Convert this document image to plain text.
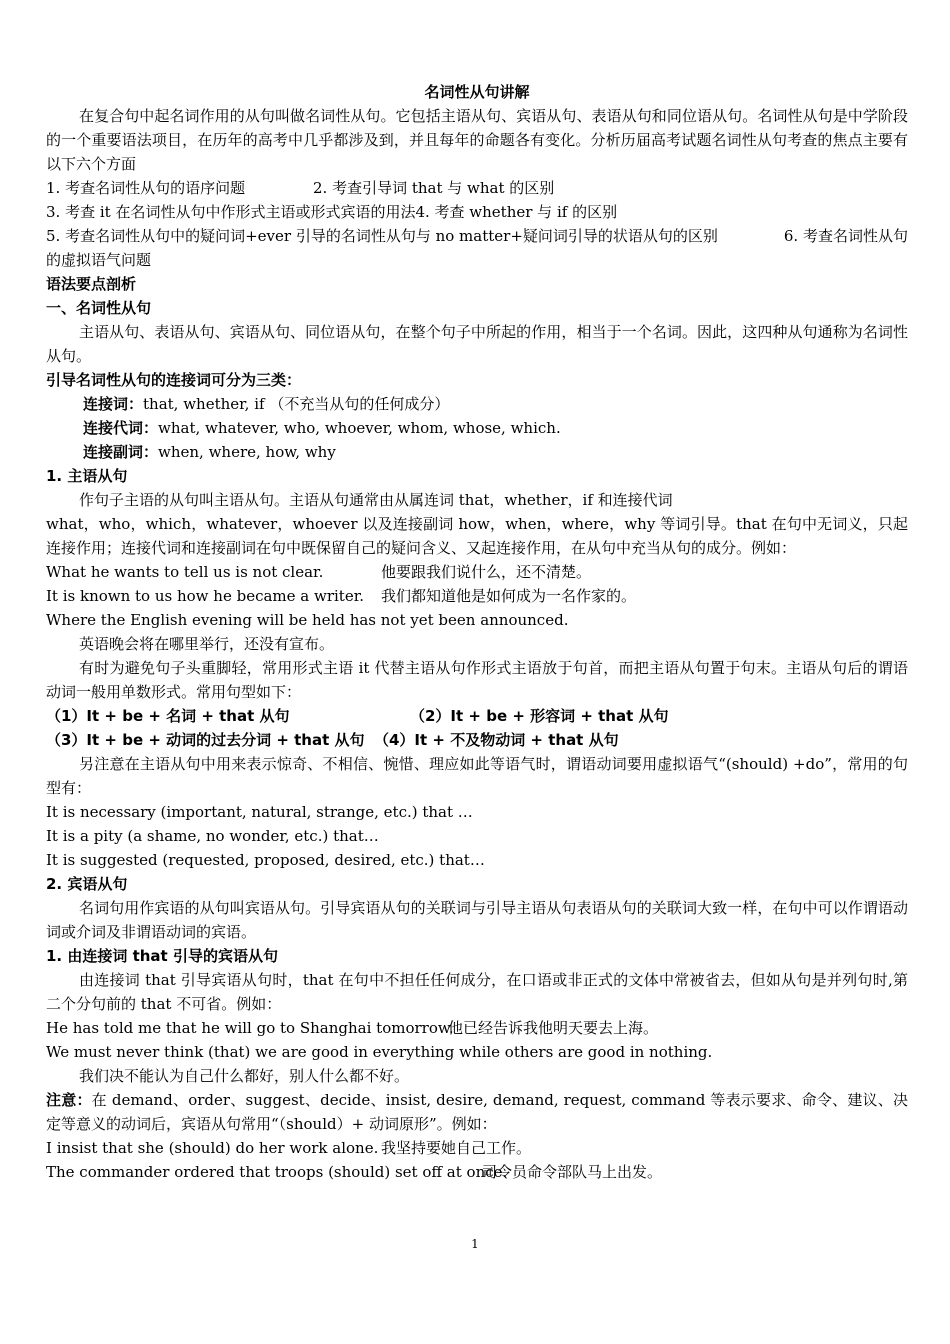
名词性从句讲解

在复合句中起名词作用的从句叫做名词性从句。它包括主语从句、宾语从句、表语从句和同位语从句。名词性从句是中学阶段的一个重要语法项目，在历年的高考中几乎都涉及到，并且每年的命题各有变化。分析历届高考试题名词性从句考查的焦点主要有以下六个方面

1. 考查名词性从句的语序问题	2. 考查引导词 that 与 what 的区别
3. 考查 it 在名词性从句中作形式主语或形式宾语的用法4. 考查 whether 与 if 的区别

5. 考查名词性从句中的疑问词+ever 引导的名词性从句与 no matter+疑问词引导的状语从句的区别	6. 考查名词性从句的虚拟语气问题

语法要点剖析

一、名词性从句

主语从句、表语从句、宾语从句、同位语从句，在整个句子中所起的作用，相当于一个名词。因此，这四种从句通称为名词性从句。

引导名词性从句的连接词可分为三类：

连接词：that, whether, if （不充当从句的任何成分）

连接代词：what, whatever, who, whoever, whom, whose, which.

连接副词：when, where, how, why

1. 主语从句

作句子主语的从句叫主语从句。主语从句通常由从属连词 that，whether，if 和连接代词

what，who，which，whatever，whoever 以及连接副词 how，when，where，why 等词引导。that 在句中无词义，只起连接作用；连接代词和连接副词在句中既保留自己的疑问含义、又起连接作用，在从句中充当从句的成分。例如：

What he wants to tell us is not clear.	他要跟我们说什么，还不清楚。
It is known to us how he became a writer. 我们都知道他是如何成为一名作家的。

Where the English evening will be held has not yet been announced.

英语晚会将在哪里举行，还没有宣布。

有时为避免句子头重脚轻，常用形式主语 it 代替主语从句作形式主语放于句首，而把主语从句置于句末。主语从句后的谓语动词一般用单数形式。常用句型如下：

（1）It + be + 名词 + that 从句	（2）It + be + 形容词 + that 从句
（3）It + be + 动词的过去分词 + that 从句 （4）It + 不及物动词 + that 从句

另注意在主语从句中用来表示惊奇、不相信、惋惜、理应如此等语气时，谓语动词要用虚拟语气“(should) +do”，常用的句型有：

It is necessary (important, natural, strange, etc.) that …

It is a pity (a shame, no wonder, etc.) that…

It is suggested (requested, proposed, desired, etc.) that…

2. 宾语从句

名词句用作宾语的从句叫宾语从句。引导宾语从句的关联词与引导主语从句表语从句的关联词大致一样，在句中可以作谓语动词或介词及非谓语动词的宾语。

1. 由连接词 that 引导的宾语从句

由连接词 that 引导宾语从句时，that 在句中不担任任何成分，在口语或非正式的文体中常被省去，但如从句是并列句时,第二个分句前的 that 不可省。例如：

He has told me that he will go to Shanghai tomorrow.
他已经告诉我他明天要去上海。

We must never think (that) we are good in everything while others are good in nothing.

我们决不能认为自己什么都好，别人什么都不好。

注意：在 demand、order、suggest、decide、insist, desire, demand, request, command 等表示要求、命令、建议、决定等意义的动词后，宾语从句常用“（should）+ 动词原形”。例如：

I insist that she (should) do her work alone. 我坚持要她自己工作。
The commander ordered that troops (should) set off at once.
司令员命令部队马上出发。
1
